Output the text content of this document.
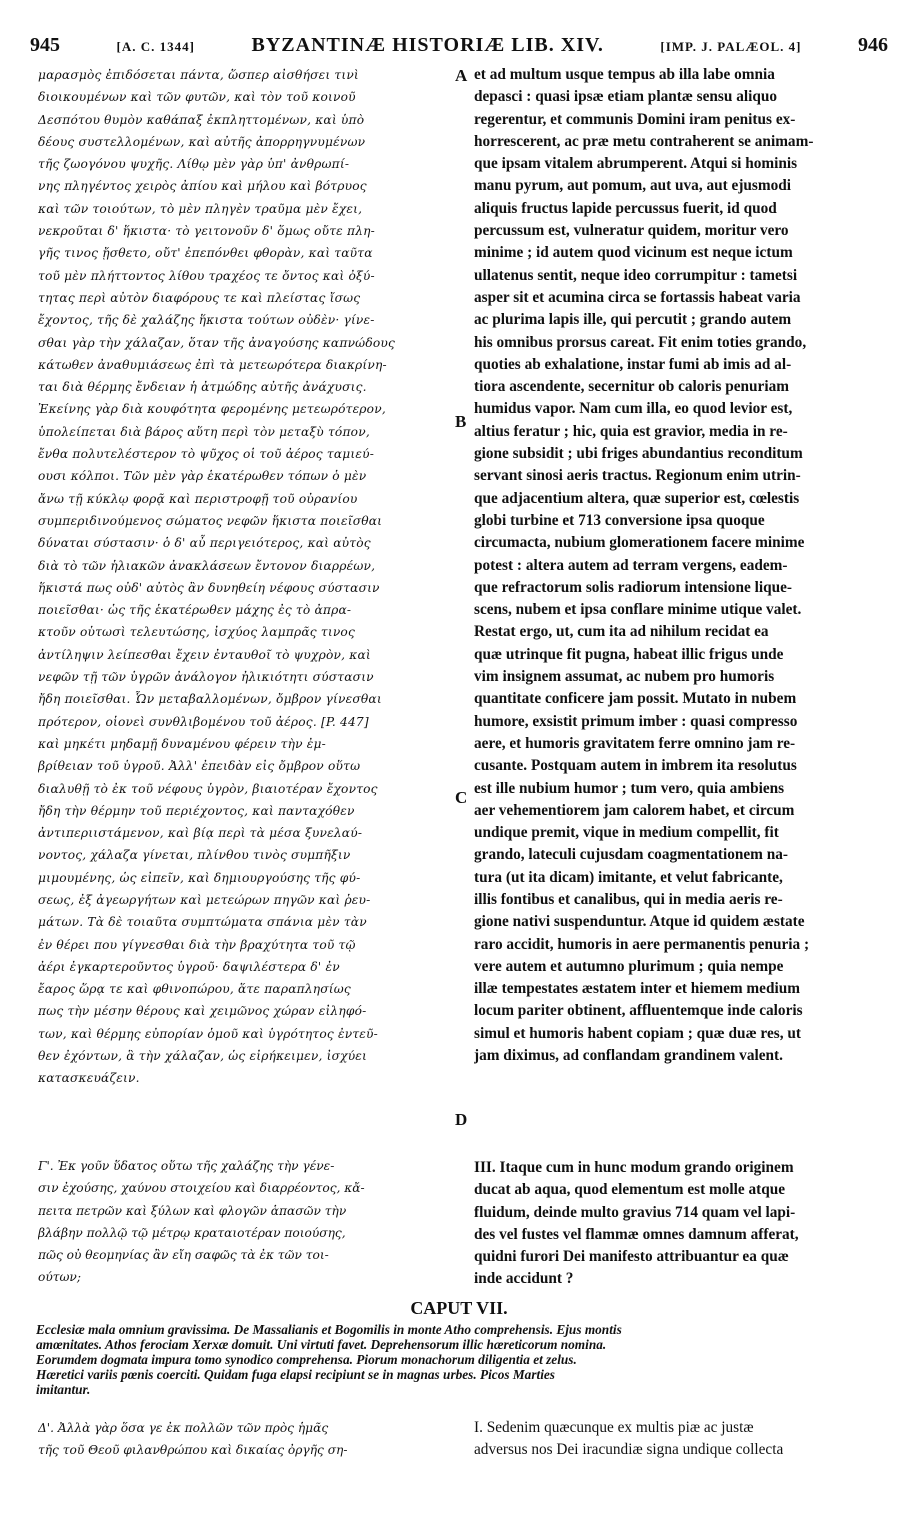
945	[A. C. 1344]	BYZANTINÆ HISTORIÆ LIB. XIV.	[IMP. J. PALÆOL. 4]	946
μαρασμὸς ἐπιδόσεται πάντα, ὥσπερ αἰσθήσει τινὶ
διοικουμένων καὶ τῶν φυτῶν, καὶ τὸν τοῦ κοινοῦ
Δεσπότου θυμὸν καθάπαξ ἐκπληττομένων, καὶ ὑπὸ
δέους συστελλομένων, καὶ αὐτῆς ἀπορρηγνυμένων
τῆς ζωογόνου ψυχῆς. Λίθῳ μὲν γὰρ ὑπ' ἀνθρωπί-
νης πληγέντος χειρὸς ἀπίου καὶ μήλου καὶ βότρυος
καὶ τῶν τοιούτων, τὸ μὲν πληγὲν τραῦμα μὲν ἔχει,
νεκροῦται δ' ἥκιστα· τὸ γειτονοῦν δ' ὅμως οὔτε πλη-
γῆς τινος ᾔσθετο, οὔτ' ἐπεπόνθει φθορὰν, καὶ ταῦτα
τοῦ μὲν πλήττοντος λίθου τραχέος τε ὄντος καὶ ὀξύ-
τητας περὶ αὐτὸν διαφόρους τε καὶ πλείστας ἴσως
ἔχοντος, τῆς δὲ χαλάζης ἥκιστα τούτων οὐδὲν· γίνε-
σθαι γὰρ τὴν χάλαζαν, ὅταν τῆς ἀναγούσης καπνώδους
κάτωθεν ἀναθυμιάσεως ἐπὶ τὰ μετεωρότερα διακρίνη-
ται διὰ θέρμης ἔνδειαν ἡ ἀτμώδης αὐτῆς ἀνάχυσις.
Ἐκείνης γὰρ διὰ κουφότητα φερομένης μετεωρότερον,
ὑπολείπεται διὰ βάρος αὕτη περὶ τὸν μεταξὺ τόπον,
ἔνθα πολυτελέστερον τὸ ψῦχος οἱ τοῦ ἀέρος ταμιεύ-
ουσι κόλποι. Τῶν μὲν γὰρ ἑκατέρωθεν τόπων ὁ μὲν
ἄνω τῇ κύκλῳ φορᾷ καὶ περιστροφῇ τοῦ οὐρανίου
συμπεριδινούμενος σώματος νεφῶν ἥκιστα ποιεῖσθαι
δύναται σύστασιν· ὁ δ' αὖ περιγειότερος, καὶ αὐτὸς
διὰ τὸ τῶν ἡλιακῶν ἀνακλάσεων ἔντονον διαρρέων,
ἥκιστά πως οὐδ' αὐτὸς ἂν δυνηθείη νέφους σύστασιν
ποιεῖσθαι· ὡς τῆς ἑκατέρωθεν μάχης ἐς τὸ ἀπρα-
κτοῦν οὑτωσὶ τελευτώσης, ἰσχύος λαμπρᾶς τινος
ἀντίληψιν λείπεσθαι ἔχειν ἐνταυθοῖ τὸ ψυχρὸν, καὶ
νεφῶν τῇ τῶν ὑγρῶν ἀνάλογον ἠλικιότητι σύστασιν
ἤδη ποιεῖσθαι. Ὧν μεταβαλλομένων, ὄμβρον γίνεσθαι
πρότερον, οἱονεὶ συνθλιβομένου τοῦ ἀέρος. [P. 447]
καὶ μηκέτι μηδαμῇ δυναμένου φέρειν τὴν ἐμ-
βρίθειαν τοῦ ὑγροῦ. Ἀλλ' ἐπειδὰν εἰς ὄμβρον οὕτω
διαλυθῇ τὸ ἐκ τοῦ νέφους ὑγρὸν, βιαιοτέραν ἔχοντος
ἤδη τὴν θέρμην τοῦ περιέχοντος, καὶ πανταχόθεν
ἀντιπεριιστάμενον, καὶ βίᾳ περὶ τὰ μέσα ξυνελαύ-
νοντος, χάλαζα γίνεται, πλίνθου τινὸς συμπῆξιν
μιμουμένης, ὡς εἰπεῖν, καὶ δημιουργούσης τῆς φύ-
σεως, ἐξ ἀγεωργήτων καὶ μετεώρων πηγῶν καὶ ῥευ-
μάτων. Τὰ δὲ τοιαῦτα συμπτώματα σπάνια μὲν τὰν
ἐν θέρει που γίγνεσθαι διὰ τὴν βραχύτητα τοῦ τῷ
ἀέρι ἐγκαρτεροῦντος ὑγροῦ· δαψιλέστερα δ' ἐν
ἔαρος ὥρᾳ τε καὶ φθινοπώρου, ἅτε παραπλησίως
πως τὴν μέσην θέρους καὶ χειμῶνος χώραν εἰληφό-
των, καὶ θέρμης εὐπορίαν ὁμοῦ καὶ ὑγρότητος ἐντεῦ-
θεν ἐχόντων, ἃ τὴν χάλαζαν, ὡς εἰρήκειμεν, ἰσχύει
κατασκευάζειν.
et ad multum usque tempus ab illa labe omnia
depasci : quasi ipsæ etiam plantæ sensu aliquo
regerentur, et communis Domini iram penitus ex-
horrescerent, ac præ metu contraherent se animam-
que ipsam vitalem abrumperent. Atqui si hominis
manu pyrum, aut pomum, aut uva, aut ejusmodi
aliquis fructus lapide percussus fuerit, id quod
percussum est, vulneratur quidem, moritur vero
minime ; id autem quod vicinum est neque ictum
ullatenus sentit, neque ideo corrumpitur : tametsi
asper sit et acumina circa se fortassis habeat varia
ac plurima lapis ille, qui percutit ; grando autem
his omnibus prorsus careat. Fit enim toties grando,
quoties ab exhalatione, instar fumi ab imis ad al-
tiora ascendente, secernitur ob caloris penuriam
humidus vapor. Nam cum illa, eo quod levior est,
altius feratur ; hic, quia est gravior, media in re-
gione subsidit ; ubi friges abundantius reconditum
servant sinosi aeris tractus. Regionum enim utrin-
que adjacentium altera, quæ superior est, cœlestis
globi turbine et 713 conversione ipsa quoque
circumacta, nubium glomerationem facere minime
potest : altera autem ad terram vergens, eadem-
que refractorum solis radiorum intensione lique-
scens, nubem et ipsa conflare minime utique valet.
Restat ergo, ut, cum ita ad nihilum recidat ea
quæ utrinque fit pugna, habeat illic frigus unde
vim insignem assumat, ac nubem pro humoris
quantitate conficere jam possit. Mutato in nubem
humore, exsistit primum imber : quasi compresso
aere, et humoris gravitatem ferre omnino jam re-
cusante. Postquam autem in imbrem ita resolutus
est ille nubium humor ; tum vero, quia ambiens
aer vehementiorem jam calorem habet, et circum
undique premit, vique in medium compellit, fit
grando, lateculi cujusdam coagmentationem na-
tura (ut ita dicam) imitante, et velut fabricante,
illis fontibus et canalibus, qui in media aeris re-
gione nativi suspenduntur. Atque id quidem æstate
raro accidit, humoris in aere permanentis penuria ;
vere autem et autumno plurimum ; quia nempe
illæ tempestates æstatem inter et hiemem medium
locum pariter obtinent, affluentemque inde caloris
simul et humoris habent copiam ; quæ duæ res, ut
jam diximus, ad conflandam grandinem valent.
A
B
C
D
Γ'. Ἐκ γοῦν ὕδατος οὕτω τῆς χαλάζης τὴν γένε-
σιν ἐχούσης, χαύνου στοιχείου καὶ διαρρέοντος, κἄ-
πειτα πετρῶν καὶ ξύλων καὶ φλογῶν ἁπασῶν τὴν
βλάβην πολλῷ τῷ μέτρῳ κραταιοτέραν ποιούσης,
πῶς οὐ θεομηνίας ἂν εἴη σαφῶς τὰ ἐκ τῶν τοι-
ούτων;
III. Itaque cum in hunc modum grando originem
ducat ab aqua, quod elementum est molle atque
fluidum, deinde multo gravius 714 quam vel lapi-
des vel fustes vel flammæ omnes damnum afferat,
quidni furori Dei manifesto attribuantur ea quæ
inde accidunt ?
CAPUT VII.
Ecclesiæ mala omnium gravissima. De Massalianis et Bogomilis in monte Atho comprehensis. Ejus montis
amœnitates. Athos ferociam Xerxæ domuit. Uni virtuti favet. Deprehensorum illic hæreticorum nomina.
Eorumdem dogmata impura tomo synodico comprehensa. Piorum monachorum diligentia et zelus.
Hæretici variis pœnis coerciti. Quidam fuga elapsi recipiunt se in magnas urbes. Picos Marties
imitantur.
Δ'. Ἀλλὰ γὰρ ὅσα γε ἐκ πολλῶν τῶν πρὸς ἡμᾶς
τῆς τοῦ Θεοῦ φιλανθρώπου καὶ δικαίας ὀργῆς ση-
I. Sedenim quæcunque ex multis piæ ac justæ
adversus nos Dei iracundiæ signa undique collecta
